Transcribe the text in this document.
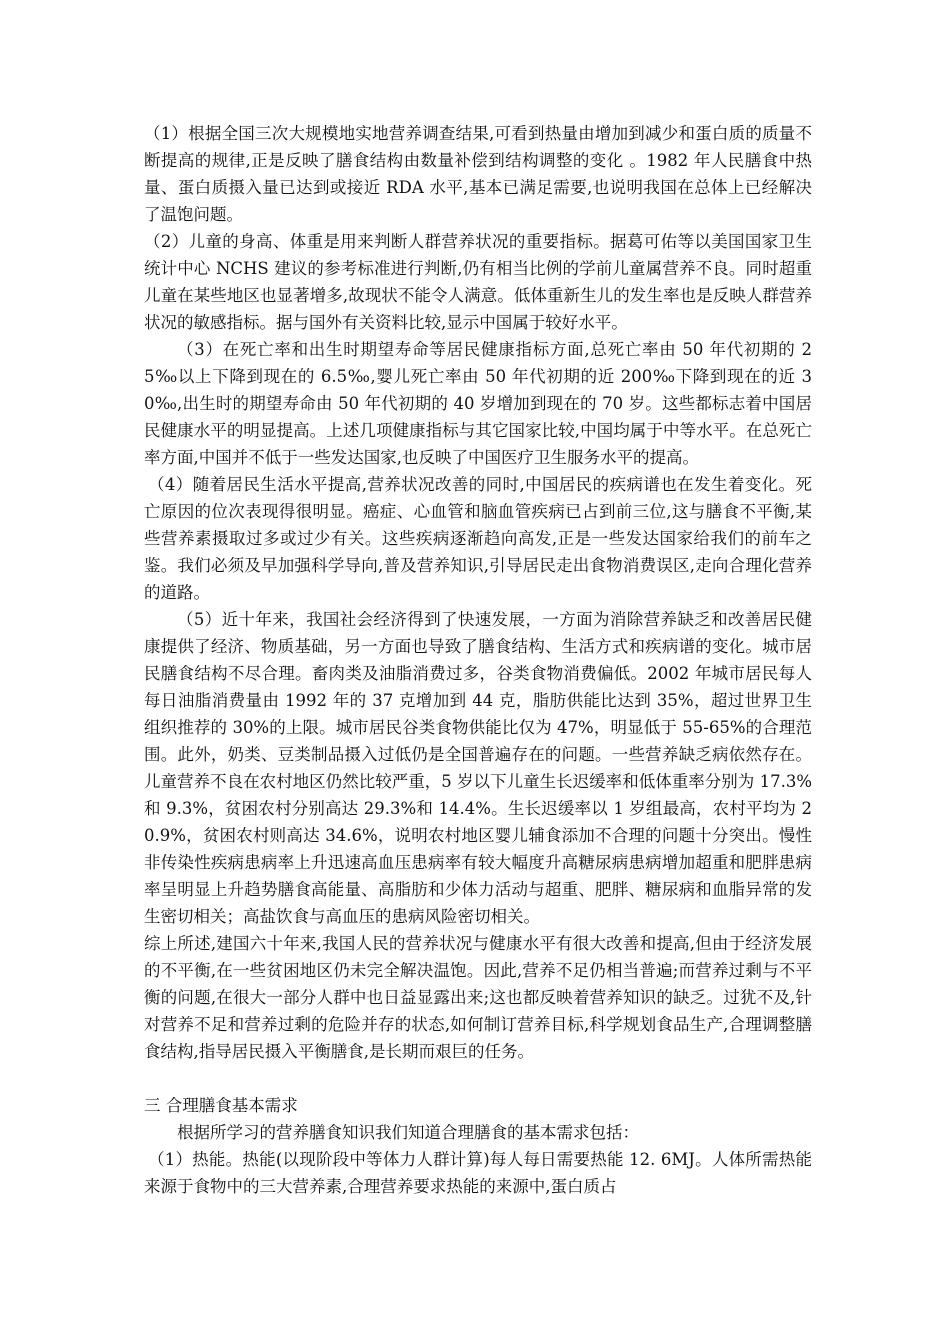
（1）根据全国三次大规模地实地营养调查结果,可看到热量由增加到减少和蛋白质的质量不断提高的规律,正是反映了膳食结构由数量补偿到结构调整的变化 。1982 年人民膳食中热量、蛋白质摄入量已达到或接近 RDA 水平,基本已满足需要,也说明我国在总体上已经解决了温饱问题。

（2）儿童的身高、体重是用来判断人群营养状况的重要指标。据葛可佑等以美国国家卫生统计中心 NCHS 建议的参考标准进行判断,仍有相当比例的学前儿童属营养不良。同时超重儿童在某些地区也显著增多,故现状不能令人满意。低体重新生儿的发生率也是反映人群营养状况的敏感指标。据与国外有关资料比较,显示中国属于较好水平。

（3）在死亡率和出生时期望寿命等居民健康指标方面,总死亡率由 50 年代初期的 25‰以上下降到现在的 6.5‰,婴儿死亡率由 50 年代初期的近 200‰下降到现在的近 30‰,出生时的期望寿命由 50 年代初期的 40 岁增加到现在的 70 岁。这些都标志着中国居民健康水平的明显提高。上述几项健康指标与其它国家比较,中国均属于中等水平。在总死亡率方面,中国并不低于一些发达国家,也反映了中国医疗卫生服务水平的提高。

（4）随着居民生活水平提高,营养状况改善的同时,中国居民的疾病谱也在发生着变化。死亡原因的位次表现得很明显。癌症、心血管和脑血管疾病已占到前三位,这与膳食不平衡,某些营养素摄取过多或过少有关。这些疾病逐渐趋向高发,正是一些发达国家给我们的前车之鉴。我们必须及早加强科学导向,普及营养知识,引导居民走出食物消费误区,走向合理化营养的道路。

（5）近十年来，我国社会经济得到了快速发展，一方面为消除营养缺乏和改善居民健康提供了经济、物质基础，另一方面也导致了膳食结构、生活方式和疾病谱的变化。城市居民膳食结构不尽合理。畜肉类及油脂消费过多，谷类食物消费偏低。2002 年城市居民每人每日油脂消费量由 1992 年的 37 克增加到 44 克，脂肪供能比达到 35%，超过世界卫生组织推荐的 30%的上限。城市居民谷类食物供能比仅为 47%，明显低于 55-65%的合理范围。此外，奶类、豆类制品摄入过低仍是全国普遍存在的问题。一些营养缺乏病依然存在。儿童营养不良在农村地区仍然比较严重，5 岁以下儿童生长迟缓率和低体重率分别为 17.3%和 9.3%，贫困农村分别高达 29.3%和 14.4%。生长迟缓率以 1 岁组最高，农村平均为 20.9%，贫困农村则高达 34.6%，说明农村地区婴儿辅食添加不合理的问题十分突出。慢性非传染性疾病患病率上升迅速高血压患病率有较大幅度升高糖尿病患病增加超重和肥胖患病率呈明显上升趋势膳食高能量、高脂肪和少体力活动与超重、肥胖、糖尿病和血脂异常的发生密切相关；高盐饮食与高血压的患病风险密切相关。

综上所述,建国六十年来,我国人民的营养状况与健康水平有很大改善和提高,但由于经济发展的不平衡,在一些贫困地区仍未完全解决温饱。因此,营养不足仍相当普遍;而营养过剩与不平衡的问题,在很大一部分人群中也日益显露出来;这也都反映着营养知识的缺乏。过犹不及,针对营养不足和营养过剩的危险并存的状态,如何制订营养目标,科学规划食品生产,合理调整膳食结构,指导居民摄入平衡膳食,是长期而艰巨的任务。

三 合理膳食基本需求

根据所学习的营养膳食知识我们知道合理膳食的基本需求包括：

（1）热能。热能(以现阶段中等体力人群计算)每人每日需要热能 12. 6MJ。人体所需热能来源于食物中的三大营养素,合理营养要求热能的来源中,蛋白质占
